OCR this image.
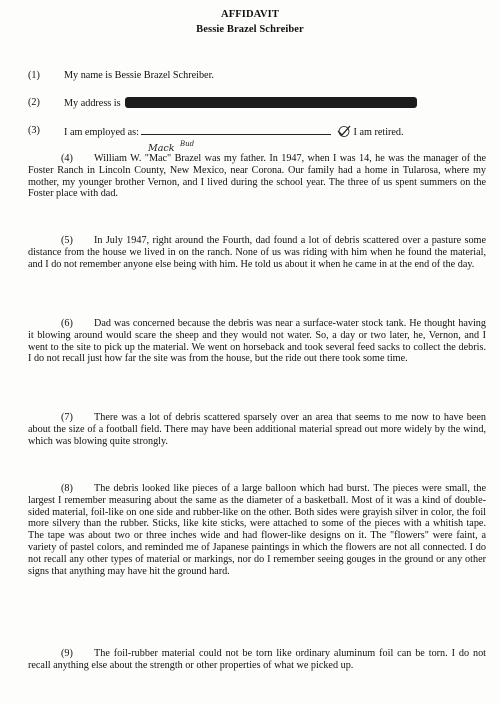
AFFIDAVIT
Bessie Brazel Schreiber
(1)	My name is Bessie Brazel Schreiber.
(2)	My address is
(3)	I am employed as:	I am retired.
Mack Bud
(4) William W. "Mac" Brazel was my father. In 1947, when I was 14, he was the manager of the Foster Ranch in Lincoln County, New Mexico, near Corona. Our family had a home in Tularosa, where my mother, my younger brother Vernon, and I lived during the school year. The three of us spent summers on the Foster place with dad.
(5) In July 1947, right around the Fourth, dad found a lot of debris scattered over a pasture some distance from the house we lived in on the ranch. None of us was riding with him when he found the material, and I do not remember anyone else being with him. He told us about it when he came in at the end of the day.
(6) Dad was concerned because the debris was near a surface-water stock tank. He thought having it blowing around would scare the sheep and they would not water. So, a day or two later, he, Vernon, and I went to the site to pick up the material. We went on horseback and took several feed sacks to collect the debris. I do not recall just how far the site was from the house, but the ride out there took some time.
(7) There was a lot of debris scattered sparsely over an area that seems to me now to have been about the size of a football field. There may have been additional material spread out more widely by the wind, which was blowing quite strongly.
(8) The debris looked like pieces of a large balloon which had burst. The pieces were small, the largest I remember measuring about the same as the diameter of a basketball. Most of it was a kind of double-sided material, foil-like on one side and rubber-like on the other. Both sides were grayish silver in color, the foil more silvery than the rubber. Sticks, like kite sticks, were attached to some of the pieces with a whitish tape. The tape was about two or three inches wide and had flower-like designs on it. The "flowers" were faint, a variety of pastel colors, and reminded me of Japanese paintings in which the flowers are not all connected. I do not recall any other types of material or markings, nor do I remember seeing gouges in the ground or any other signs that anything may have hit the ground hard.
(9) The foil-rubber material could not be torn like ordinary aluminum foil can be torn. I do not recall anything else about the strength or other properties of what we picked up.
